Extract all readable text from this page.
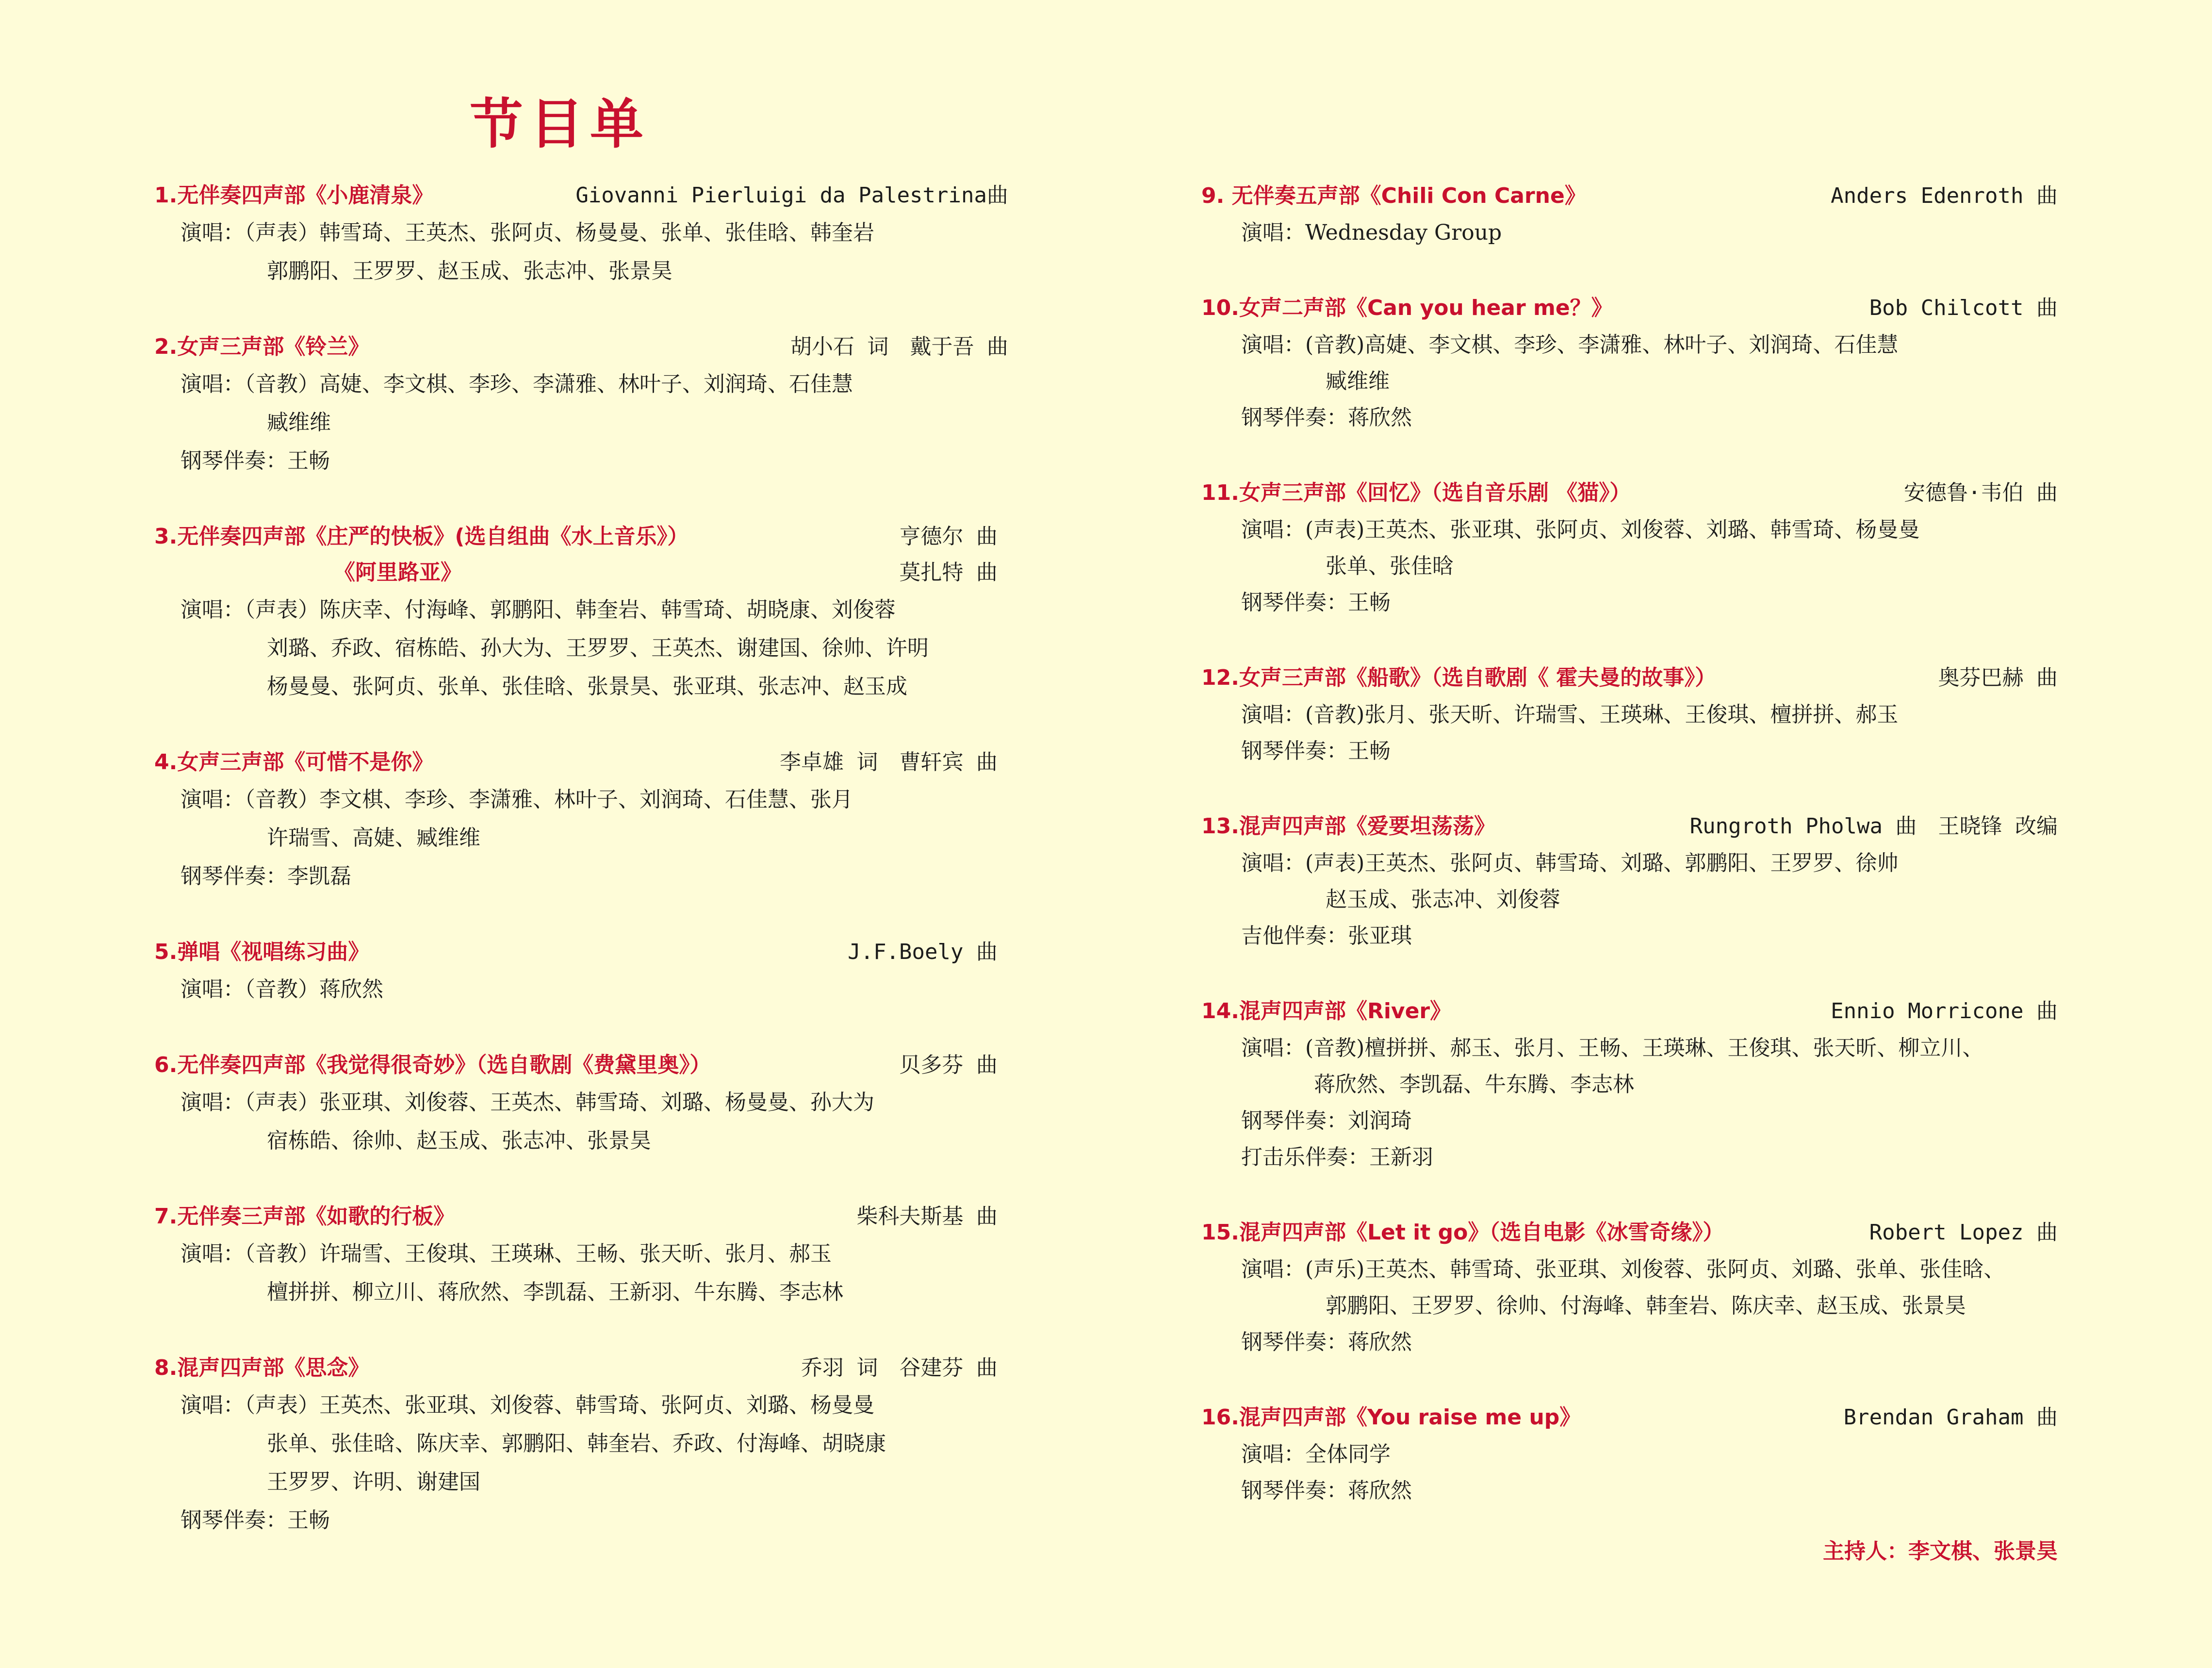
节目单
1.无伴奏四声部《小鹿清泉》	Giovanni Pierluigi da Palestrina曲
演唱：（声表）韩雪琦、王英杰、张阿贞、杨曼曼、张单、张佳晗、韩奎岩
郭鹏阳、王罗罗、赵玉成、张志冲、张景昊
2.女声三声部《铃兰》	胡小石 词　戴于吾 曲
演唱：（音教）高婕、李文棋、李珍、李潇雅、林叶子、刘润琦、石佳慧
臧维维
钢琴伴奏：王畅
3.无伴奏四声部《庄严的快板》(选自组曲《水上音乐》）	亨德尔 曲
《阿里路亚》	莫扎特 曲
演唱：（声表）陈庆幸、付海峰、郭鹏阳、韩奎岩、韩雪琦、胡晓康、刘俊蓉
刘璐、乔政、宿栋皓、孙大为、王罗罗、王英杰、谢建国、徐帅、许明
杨曼曼、张阿贞、张单、张佳晗、张景昊、张亚琪、张志冲、赵玉成
4.女声三声部《可惜不是你》	李卓雄 词　曹轩宾 曲
演唱：（音教）李文棋、李珍、李潇雅、林叶子、刘润琦、石佳慧、张月
许瑞雪、高婕、臧维维
钢琴伴奏：李凯磊
5.弹唱《视唱练习曲》	J.F.Boely 曲
演唱：（音教）蒋欣然
6.无伴奏四声部《我觉得很奇妙》（选自歌剧《费黛里奥》）	贝多芬 曲
演唱：（声表）张亚琪、刘俊蓉、王英杰、韩雪琦、刘璐、杨曼曼、孙大为
宿栋皓、徐帅、赵玉成、张志冲、张景昊
7.无伴奏三声部《如歌的行板》	柴科夫斯基 曲
演唱：（音教）许瑞雪、王俊琪、王瑛琳、王畅、张天昕、张月、郝玉
檀拼拼、柳立川、蒋欣然、李凯磊、王新羽、牛东腾、李志林
8.混声四声部《思念》	乔羽 词　谷建芬 曲
演唱：（声表）王英杰、张亚琪、刘俊蓉、韩雪琦、张阿贞、刘璐、杨曼曼
张单、张佳晗、陈庆幸、郭鹏阳、韩奎岩、乔政、付海峰、胡晓康
王罗罗、许明、谢建国
钢琴伴奏：王畅
9. 无伴奏五声部《Chili Con Carne》	Anders Edenroth 曲
演唱：Wednesday Group
10.女声二声部《Can you hear me？》	Bob Chilcott 曲
演唱：(音教)高婕、李文棋、李珍、李潇雅、林叶子、刘润琦、石佳慧
臧维维
钢琴伴奏：蒋欣然
11.女声三声部《回忆》（选自音乐剧 《猫》）	安德鲁·韦伯 曲
演唱：(声表)王英杰、张亚琪、张阿贞、刘俊蓉、刘璐、韩雪琦、杨曼曼
张单、张佳晗
钢琴伴奏：王畅
12.女声三声部《船歌》（选自歌剧《 霍夫曼的故事》）	奥芬巴赫 曲
演唱：(音教)张月、张天昕、许瑞雪、王瑛琳、王俊琪、檀拼拼、郝玉
钢琴伴奏：王畅
13.混声四声部《爱要坦荡荡》	Rungroth Pholwa 曲　王晓锋 改编
演唱：(声表)王英杰、张阿贞、韩雪琦、刘璐、郭鹏阳、王罗罗、徐帅
赵玉成、张志冲、刘俊蓉
吉他伴奏：张亚琪
14.混声四声部《River》	Ennio Morricone 曲
演唱：(音教)檀拼拼、郝玉、张月、王畅、王瑛琳、王俊琪、张天昕、柳立川、
蒋欣然、李凯磊、牛东腾、李志林
钢琴伴奏：刘润琦
打击乐伴奏：王新羽
15.混声四声部《Let it go》（选自电影《冰雪奇缘》）	Robert Lopez 曲
演唱：(声乐)王英杰、韩雪琦、张亚琪、刘俊蓉、张阿贞、刘璐、张单、张佳晗、
郭鹏阳、王罗罗、徐帅、付海峰、韩奎岩、陈庆幸、赵玉成、张景昊
钢琴伴奏：蒋欣然
16.混声四声部《You raise me up》	Brendan Graham 曲
演唱：全体同学
钢琴伴奏：蒋欣然
主持人：李文棋、张景昊
